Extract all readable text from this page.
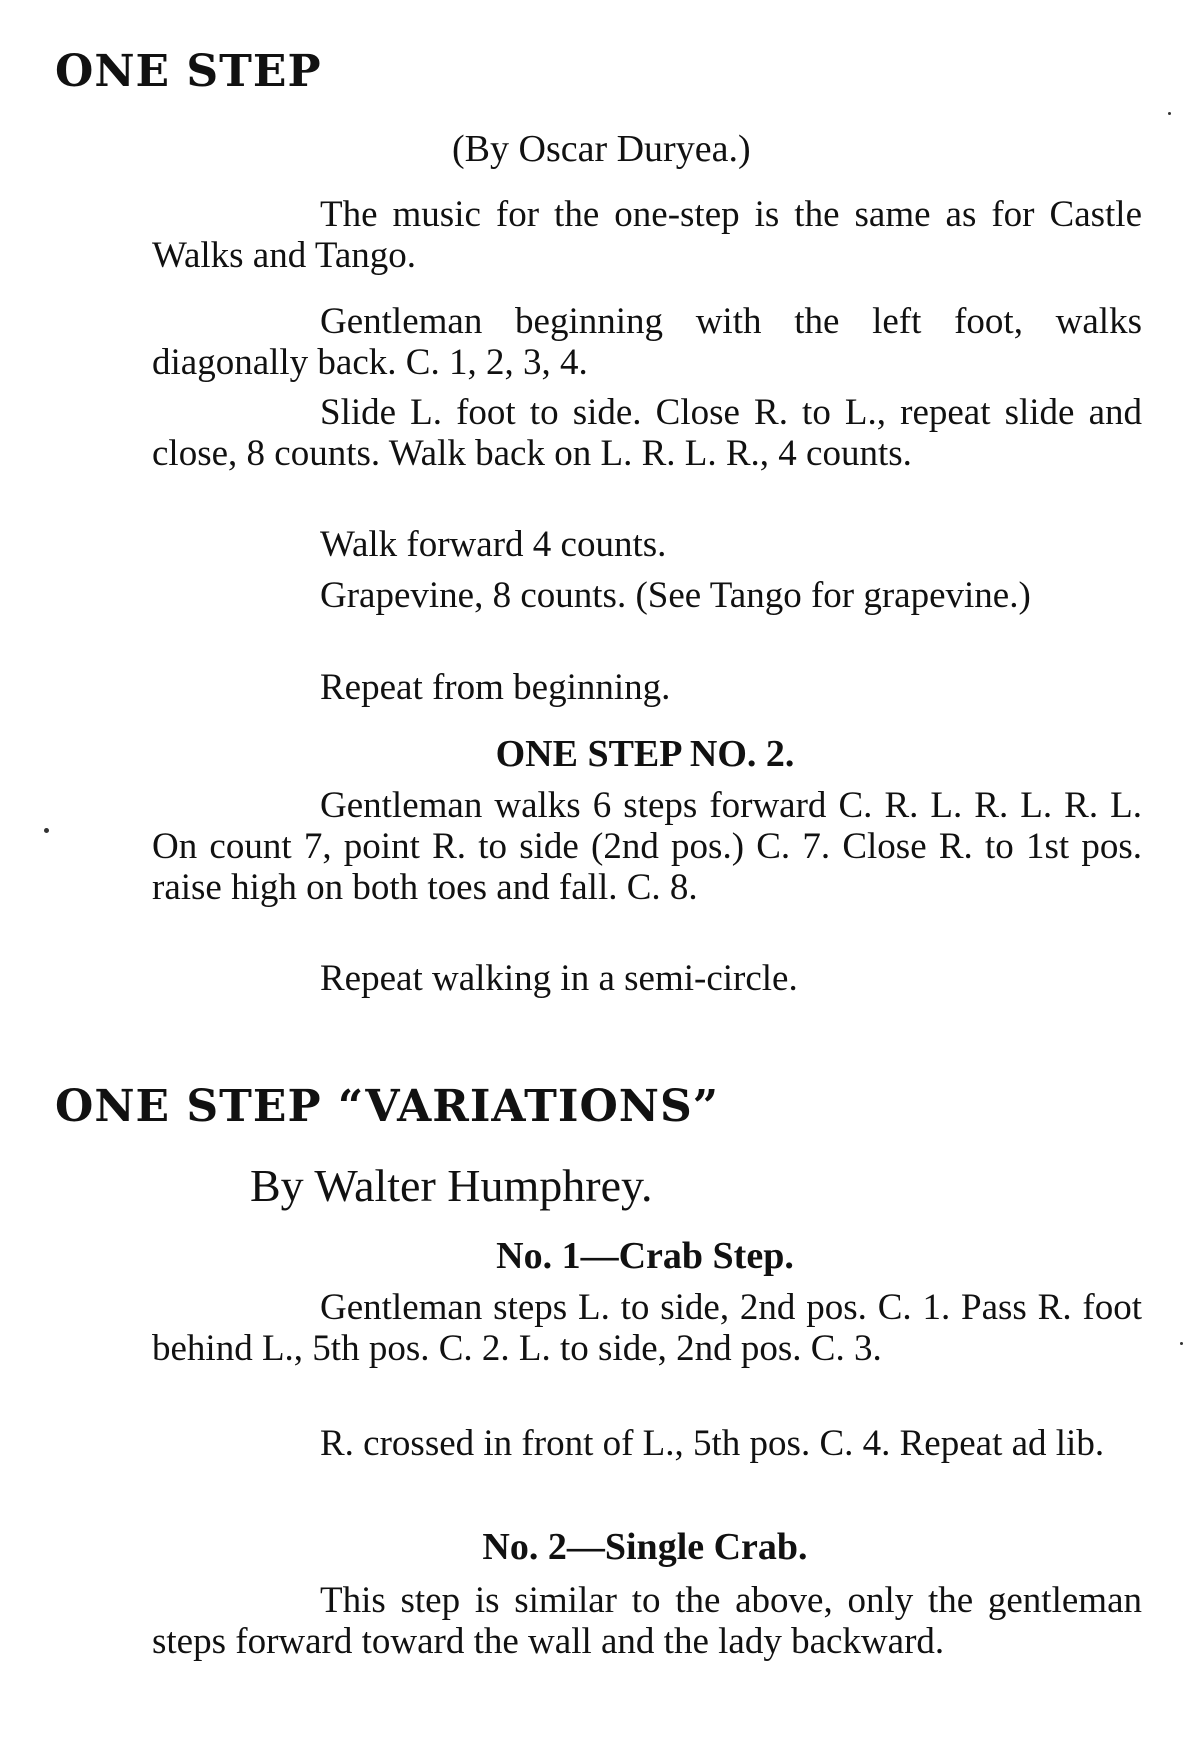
ONE STEP

(By Oscar Duryea.)

The music for the one-step is the same as for Castle Walks and Tango.

Gentleman beginning with the left foot, walks diagonally back. C. 1, 2, 3, 4.

Slide L. foot to side. Close R. to L., repeat slide and close, 8 counts. Walk back on L. R. L. R., 4 counts.

Walk forward 4 counts.

Grapevine, 8 counts. (See Tango for grapevine.)

Repeat from beginning.

ONE STEP NO. 2.

Gentleman walks 6 steps forward C. R. L. R. L. R. L. On count 7, point R. to side (2nd pos.) C. 7. Close R. to 1st pos. raise high on both toes and fall. C. 8.

Repeat walking in a semi-circle.

ONE STEP “VARIATIONS”

By Walter Humphrey.

No. 1—Crab Step.

Gentleman steps L. to side, 2nd pos. C. 1. Pass R. foot behind L., 5th pos. C. 2. L. to side, 2nd pos. C. 3.

R. crossed in front of L., 5th pos. C. 4. Repeat ad lib.

No. 2—Single Crab.

This step is similar to the above, only the gentleman steps forward toward the wall and the lady backward.
